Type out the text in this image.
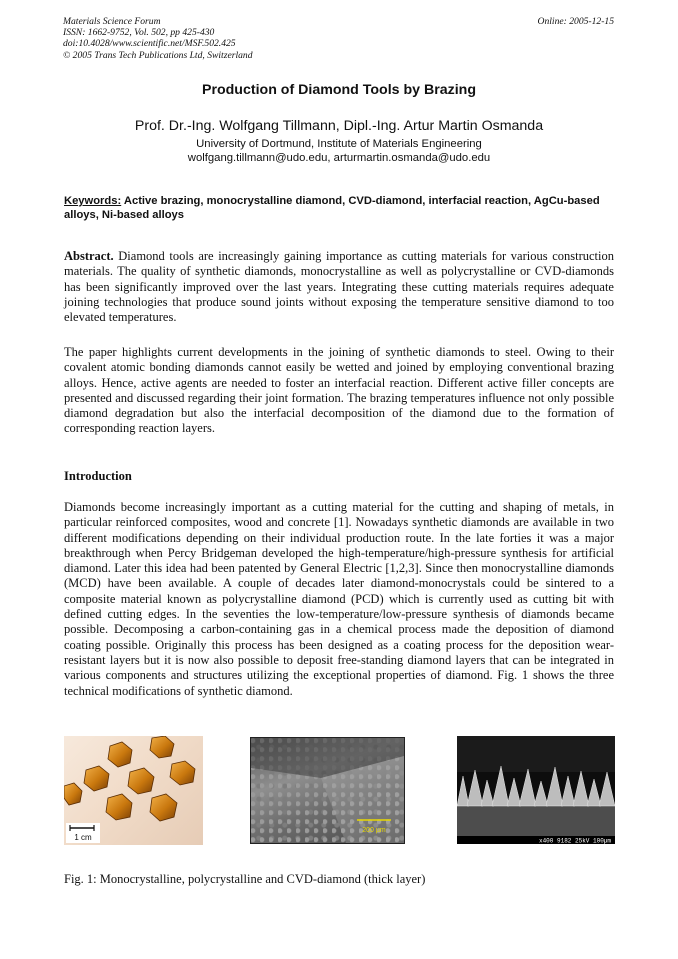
Materials Science Forum
ISSN: 1662-9752, Vol. 502, pp 425-430
doi:10.4028/www.scientific.net/MSF.502.425
© 2005 Trans Tech Publications Ltd, Switzerland
Online: 2005-12-15
Production of Diamond Tools by Brazing
Prof. Dr.-Ing. Wolfgang Tillmann, Dipl.-Ing. Artur Martin Osmanda
University of Dortmund, Institute of Materials Engineering
wolfgang.tillmann@udo.edu, arturmartin.osmanda@udo.edu
Keywords: Active brazing, monocrystalline diamond, CVD-diamond, interfacial reaction, AgCu-based alloys, Ni-based alloys

Abstract. Diamond tools are increasingly gaining importance as cutting materials for various construction materials. The quality of synthetic diamonds, monocrystalline as well as polycrystalline or CVD-diamonds has been significantly improved over the last years. Integrating these cutting materials requires adequate joining technologies that produce sound joints without exposing the temperature sensitive diamond to too elevated temperatures.

The paper highlights current developments in the joining of synthetic diamonds to steel. Owing to their covalent atomic bonding diamonds cannot easily be wetted and joined by employing conventional brazing alloys. Hence, active agents are needed to foster an interfacial reaction. Different active filler concepts are presented and discussed regarding their joint formation. The brazing temperatures influence not only possible diamond degradation but also the interfacial decomposition of the diamond due to the formation of corresponding reaction layers.

Introduction

Diamonds become increasingly important as a cutting material for the cutting and shaping of metals, in particular reinforced composites, wood and concrete [1]. Nowadays synthetic diamonds are available in two different modifications depending on their individual production route. In the late forties it was a major breakthrough when Percy Bridgeman developed the high-temperature/high-pressure synthesis for artificial diamond. Later this idea had been patented by General Electric [1,2,3]. Since then monocrystalline diamonds (MCD) have been available. A couple of decades later diamond-monocrystals could be sintered to a composite material known as polycrystalline diamond (PCD) which is currently used as cutting bit with defined cutting edges. In the seventies the low-temperature/low-pressure synthesis of diamonds became possible. Decomposing a carbon-containing gas in a chemical process made the deposition of diamond coating possible. Originally this process has been designed as a coating process for the deposition wear-resistant layers but it is now also possible to deposit free-standing diamond layers that can be integrated in various components and structures utilizing the exceptional properties of diamond. Fig. 1 shows the three technical modifications of synthetic diamond.

1 cm
200 µm
x400 9182 25kV 100µm
Fig. 1: Monocrystalline, polycrystalline and CVD-diamond (thick layer)
